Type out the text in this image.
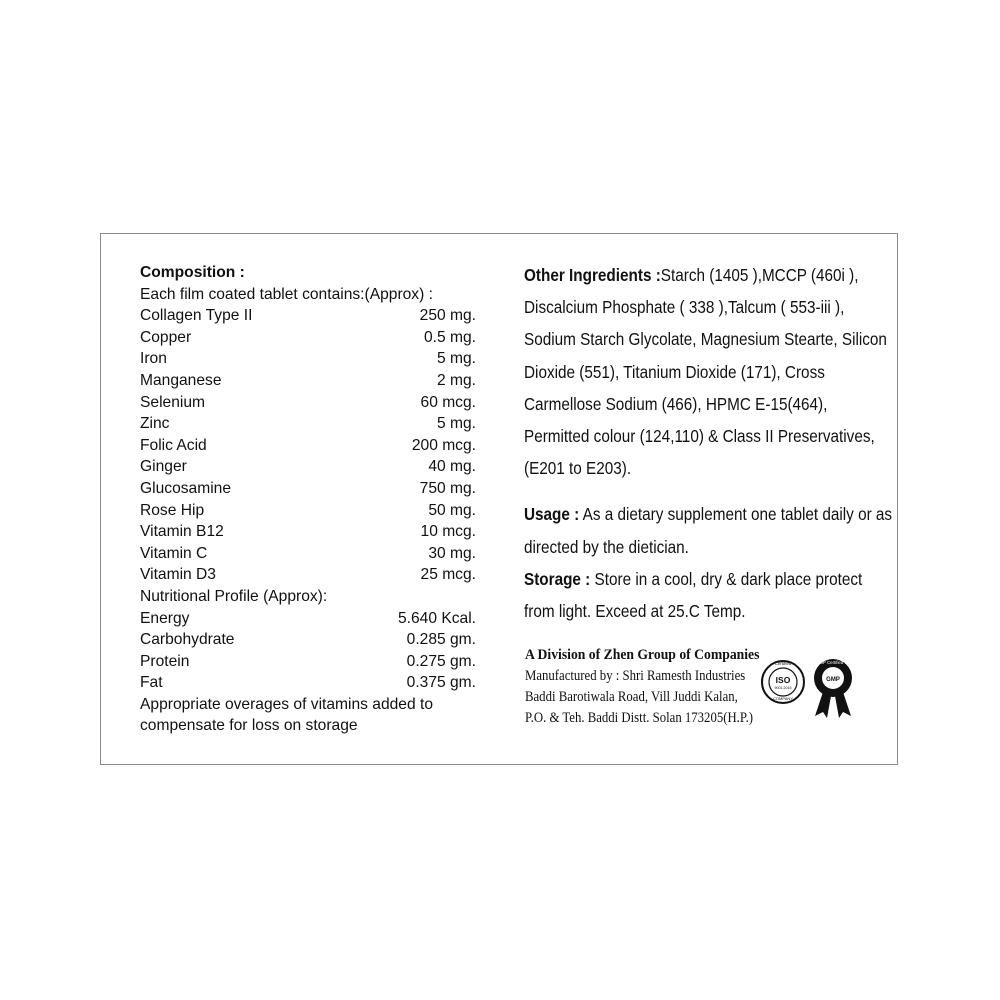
Composition :
Each film coated tablet contains:(Approx) :
Collagen Type II	250 mg.
Copper	0.5 mg.
Iron	5 mg.
Manganese	2 mg.
Selenium	60 mcg.
Zinc	5 mg.
Folic Acid	200 mcg.
Ginger	40 mg.
Glucosamine	750 mg.
Rose Hip	50 mg.
Vitamin B12	10 mcg.
Vitamin C	30 mg.
Vitamin D3	25 mcg.
Nutritional Profile (Approx):
Energy	5.640 Kcal.
Carbohydrate	0.285 gm.
Protein	0.275 gm.
Fat	0.375 gm.
Appropriate overages of vitamins added to compensate for loss on storage
Other Ingredients :Starch (1405 ),MCCP (460i ), Discalcium Phosphate ( 338 ),Talcum ( 553-iii ), Sodium Starch Glycolate, Magnesium Stearte, Silicon Dioxide (551), Titanium Dioxide (171), Cross Carmellose Sodium (466), HPMC E-15(464), Permitted colour (124,110) & Class II Preservatives, (E201 to E203).
Usage : As a dietary supplement one tablet daily or as directed by the dietician.
Storage : Store in a cool, dry & dark place protect from light. Exceed at 25.C Temp.
A Division of Zhen Group of Companies
Manufactured by : Shri Ramesth Industries
Baddi Barotiwala Road, Vill Juddi Kalan,
P.O. & Teh. Baddi Distt. Solan 173205(H.P.)
Certified
ISO
9001:2015
COMPANY
GMP Certified Co
GMP
